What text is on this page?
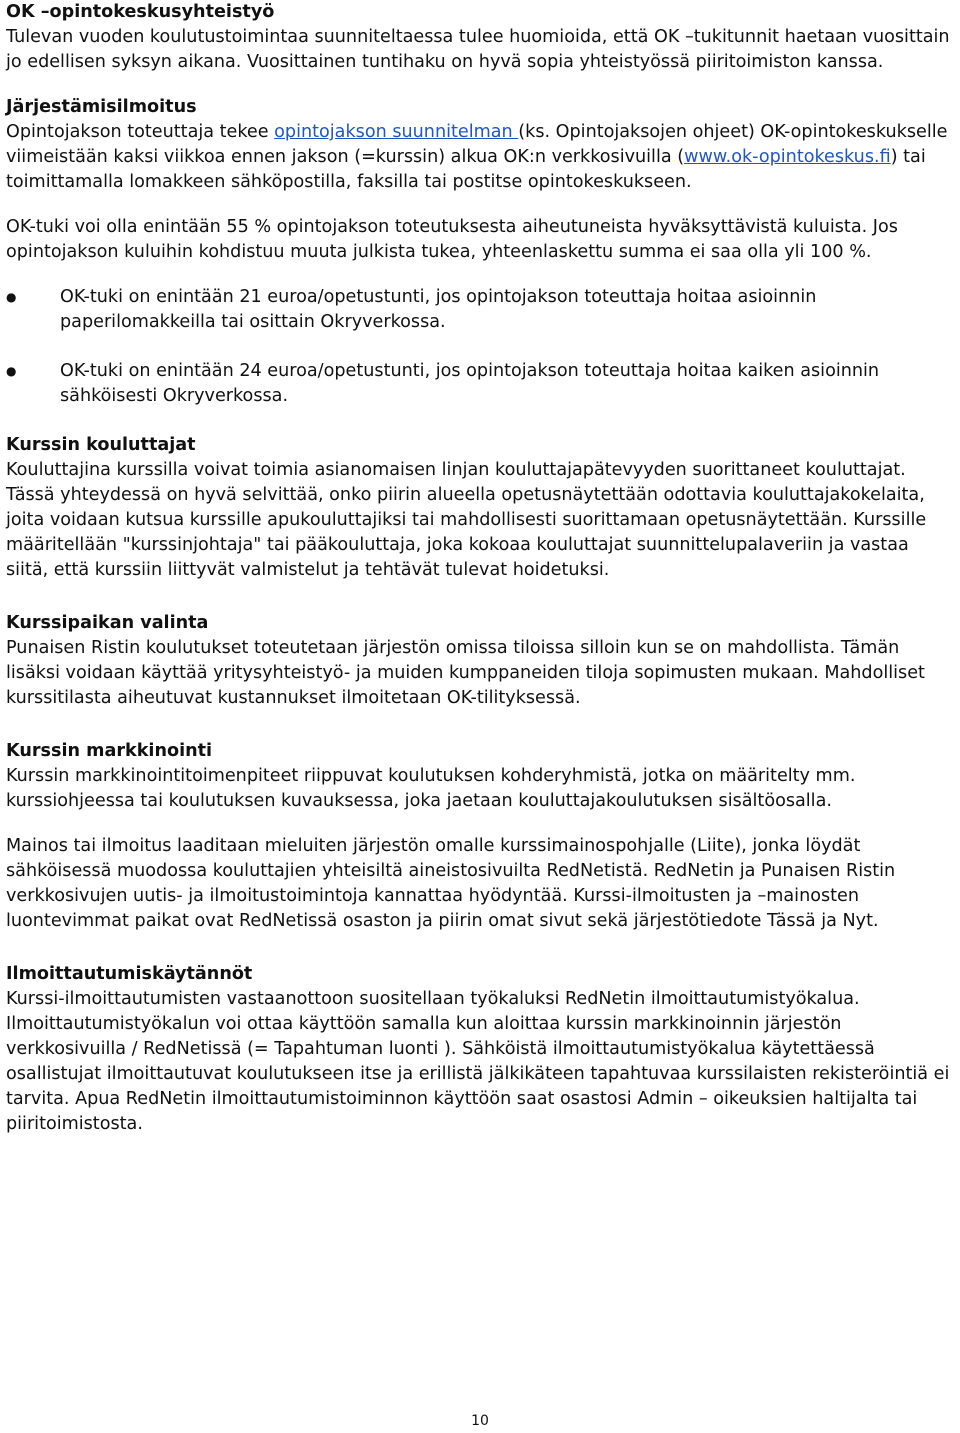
OK –opintokeskusyhteistyö

Tulevan vuoden koulutustoimintaa suunniteltaessa tulee huomioida, että OK –tukitunnit haetaan vuosittain jo edellisen syksyn aikana. Vuosittainen tuntihaku on hyvä sopia yhteistyössä piiritoimiston kanssa.

Järjestämisilmoitus

Opintojakson toteuttaja tekee opintojakson suunnitelman (ks. Opintojaksojen ohjeet) OK-opintokeskukselle viimeistään kaksi viikkoa ennen jakson (=kurssin) alkua OK:n verkkosivuilla (www.ok-opintokeskus.fi) tai toimittamalla lomakkeen sähköpostilla, faksilla tai postitse opintokeskukseen.

OK-tuki voi olla enintään 55 % opintojakson toteutuksesta aiheutuneista hyväksyttävistä kuluista. Jos opintojakson kuluihin kohdistuu muuta julkista tukea, yhteenlaskettu summa ei saa olla yli 100 %.

●	OK-tuki on enintään 21 euroa/opetustunti, jos opintojakson toteuttaja hoitaa asioinnin paperilomakkeilla tai osittain Okryverkossa.
●	OK-tuki on enintään 24 euroa/opetustunti, jos opintojakson toteuttaja hoitaa kaiken asioinnin sähköisesti Okryverkossa.

Kurssin kouluttajat

Kouluttajina kurssilla voivat toimia asianomaisen linjan kouluttajapätevyyden suorittaneet kouluttajat. Tässä yhteydessä on hyvä selvittää, onko piirin alueella opetusnäytettään odottavia kouluttajakokelaita, joita voidaan kutsua kurssille apukouluttajiksi tai mahdollisesti suorittamaan opetusnäytettään. Kurssille määritellään "kurssinjohtaja" tai pääkouluttaja, joka kokoaa kouluttajat suunnittelupalaveriin ja vastaa siitä, että kurssiin liittyvät valmistelut ja tehtävät tulevat hoidetuksi.

Kurssipaikan valinta

Punaisen Ristin koulutukset toteutetaan järjestön omissa tiloissa silloin kun se on mahdollista. Tämän lisäksi voidaan käyttää yritysyhteistyö- ja muiden kumppaneiden tiloja sopimusten mukaan. Mahdolliset kurssitilasta aiheutuvat kustannukset ilmoitetaan OK-tilityksessä.

Kurssin markkinointi

Kurssin markkinointitoimenpiteet riippuvat koulutuksen kohderyhmistä, jotka on määritelty mm. kurssiohjeessa tai koulutuksen kuvauksessa, joka jaetaan kouluttajakoulutuksen sisältöosalla.

Mainos tai ilmoitus laaditaan mieluiten järjestön omalle kurssimainospohjalle (Liite), jonka löydät sähköisessä muodossa kouluttajien yhteisiltä aineistosivuilta RedNetistä. RedNetin ja Punaisen Ristin verkkosivujen uutis- ja ilmoitustoimintoja kannattaa hyödyntää. Kurssi-ilmoitusten ja –mainosten luontevimmat paikat ovat RedNetissä osaston ja piirin omat sivut sekä järjestötiedote Tässä ja Nyt.

Ilmoittautumiskäytännöt

Kurssi-ilmoittautumisten vastaanottoon suositellaan työkaluksi RedNetin ilmoittautumistyökalua. Ilmoittautumistyökalun voi ottaa käyttöön samalla kun aloittaa kurssin markkinoinnin järjestön verkkosivuilla / RedNetissä (= Tapahtuman luonti ). Sähköistä ilmoittautumistyökalua käytettäessä osallistujat ilmoittautuvat koulutukseen itse ja erillistä jälkikäteen tapahtuvaa kurssilaisten rekisteröintiä ei tarvita. Apua RedNetin ilmoittautumistoiminnon käyttöön saat osastosi Admin – oikeuksien haltijalta tai piiritoimistosta.

10
